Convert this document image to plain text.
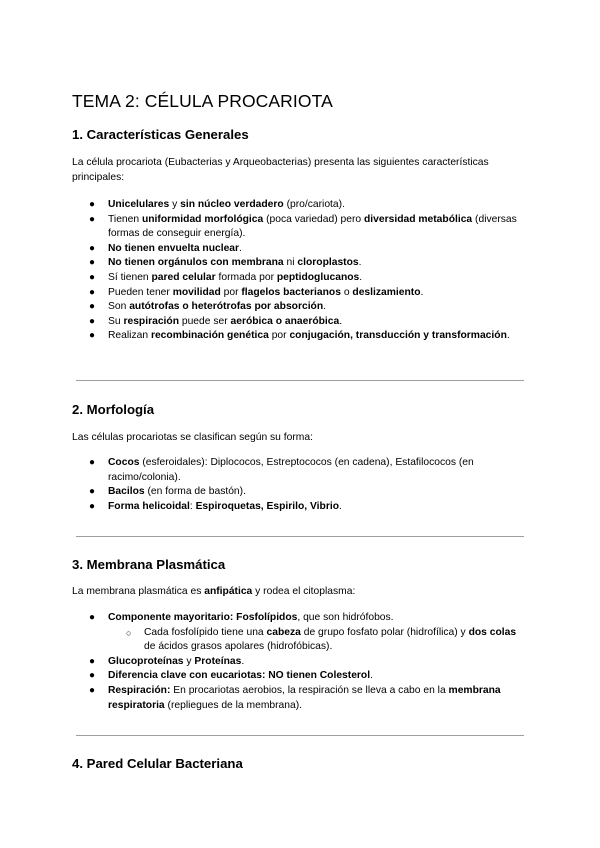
TEMA 2: CÉLULA PROCARIOTA
1. Características Generales

La célula procariota (Eubacterias y Arqueobacterias) presenta las siguientes características principales:

● Unicelulares y sin núcleo verdadero (pro/cariota).
● Tienen uniformidad morfológica (poca variedad) pero diversidad metabólica (diversas formas de conseguir energía).
● No tienen envuelta nuclear.
● No tienen orgánulos con membrana ni cloroplastos.
● Sí tienen pared celular formada por peptidoglucanos.
● Pueden tener movilidad por flagelos bacterianos o deslizamiento.
● Son autótrofas o heterótrofas por absorción.
● Su respiración puede ser aeróbica o anaeróbica.
● Realizan recombinación genética por conjugación, transducción y transformación.
2. Morfología

Las células procariotas se clasifican según su forma:

● Cocos (esferoidales): Diplococos, Estreptococos (en cadena), Estafilococos (en racimo/colonia).
● Bacilos (en forma de bastón).
● Forma helicoidal: Espiroquetas, Espirilo, Vibrio.
3. Membrana Plasmática

La membrana plasmática es anfipática y rodea el citoplasma:

● Componente mayoritario: Fosfolípidos, que son hidrófobos.
○ Cada fosfolípido tiene una cabeza de grupo fosfato polar (hidrofílica) y dos colas de ácidos grasos apolares (hidrofóbicas).
● Glucoproteínas y Proteínas.
● Diferencia clave con eucariotas: NO tienen Colesterol.
● Respiración: En procariotas aerobios, la respiración se lleva a cabo en la membrana respiratoria (repliegues de la membrana).
4. Pared Celular Bacteriana
